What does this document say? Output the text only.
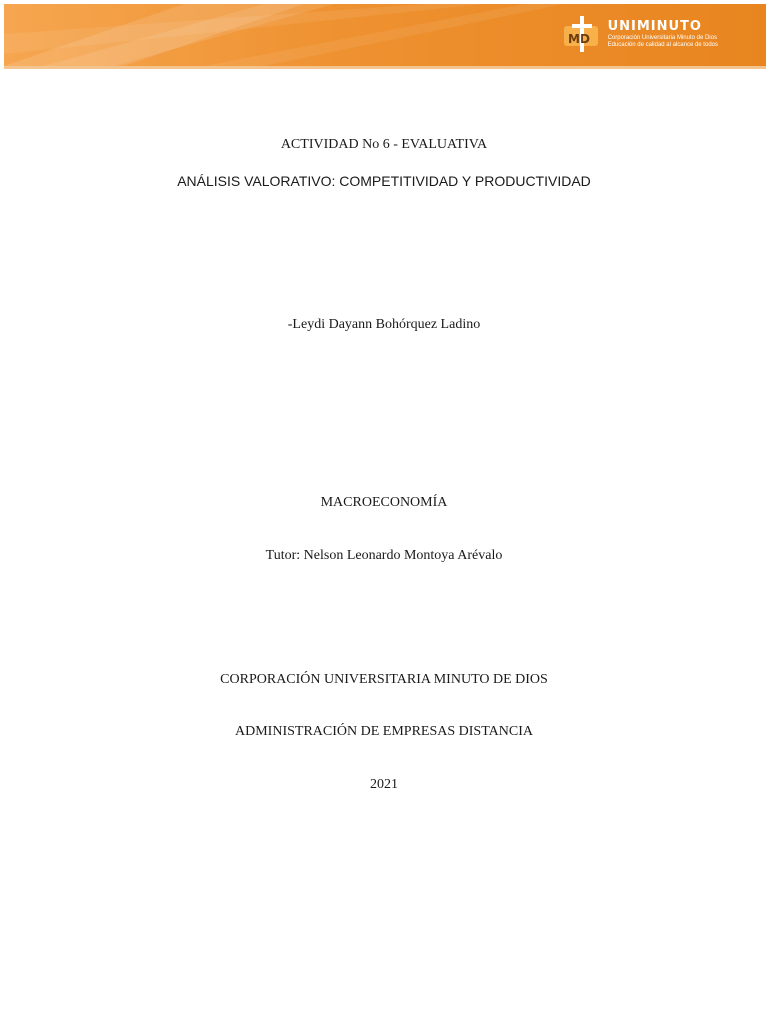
MD
UNIMINUTO
Corporación Universitaria Minuto de Dios
Educación de calidad al alcance de todos
ACTIVIDAD No 6 - EVALUATIVA
ANÁLISIS VALORATIVO: COMPETITIVIDAD Y PRODUCTIVIDAD
-Leydi Dayann Bohórquez Ladino
MACROECONOMÍA
Tutor: Nelson Leonardo Montoya Arévalo
CORPORACIÓN UNIVERSITARIA MINUTO DE DIOS
ADMINISTRACIÓN DE EMPRESAS DISTANCIA
2021
